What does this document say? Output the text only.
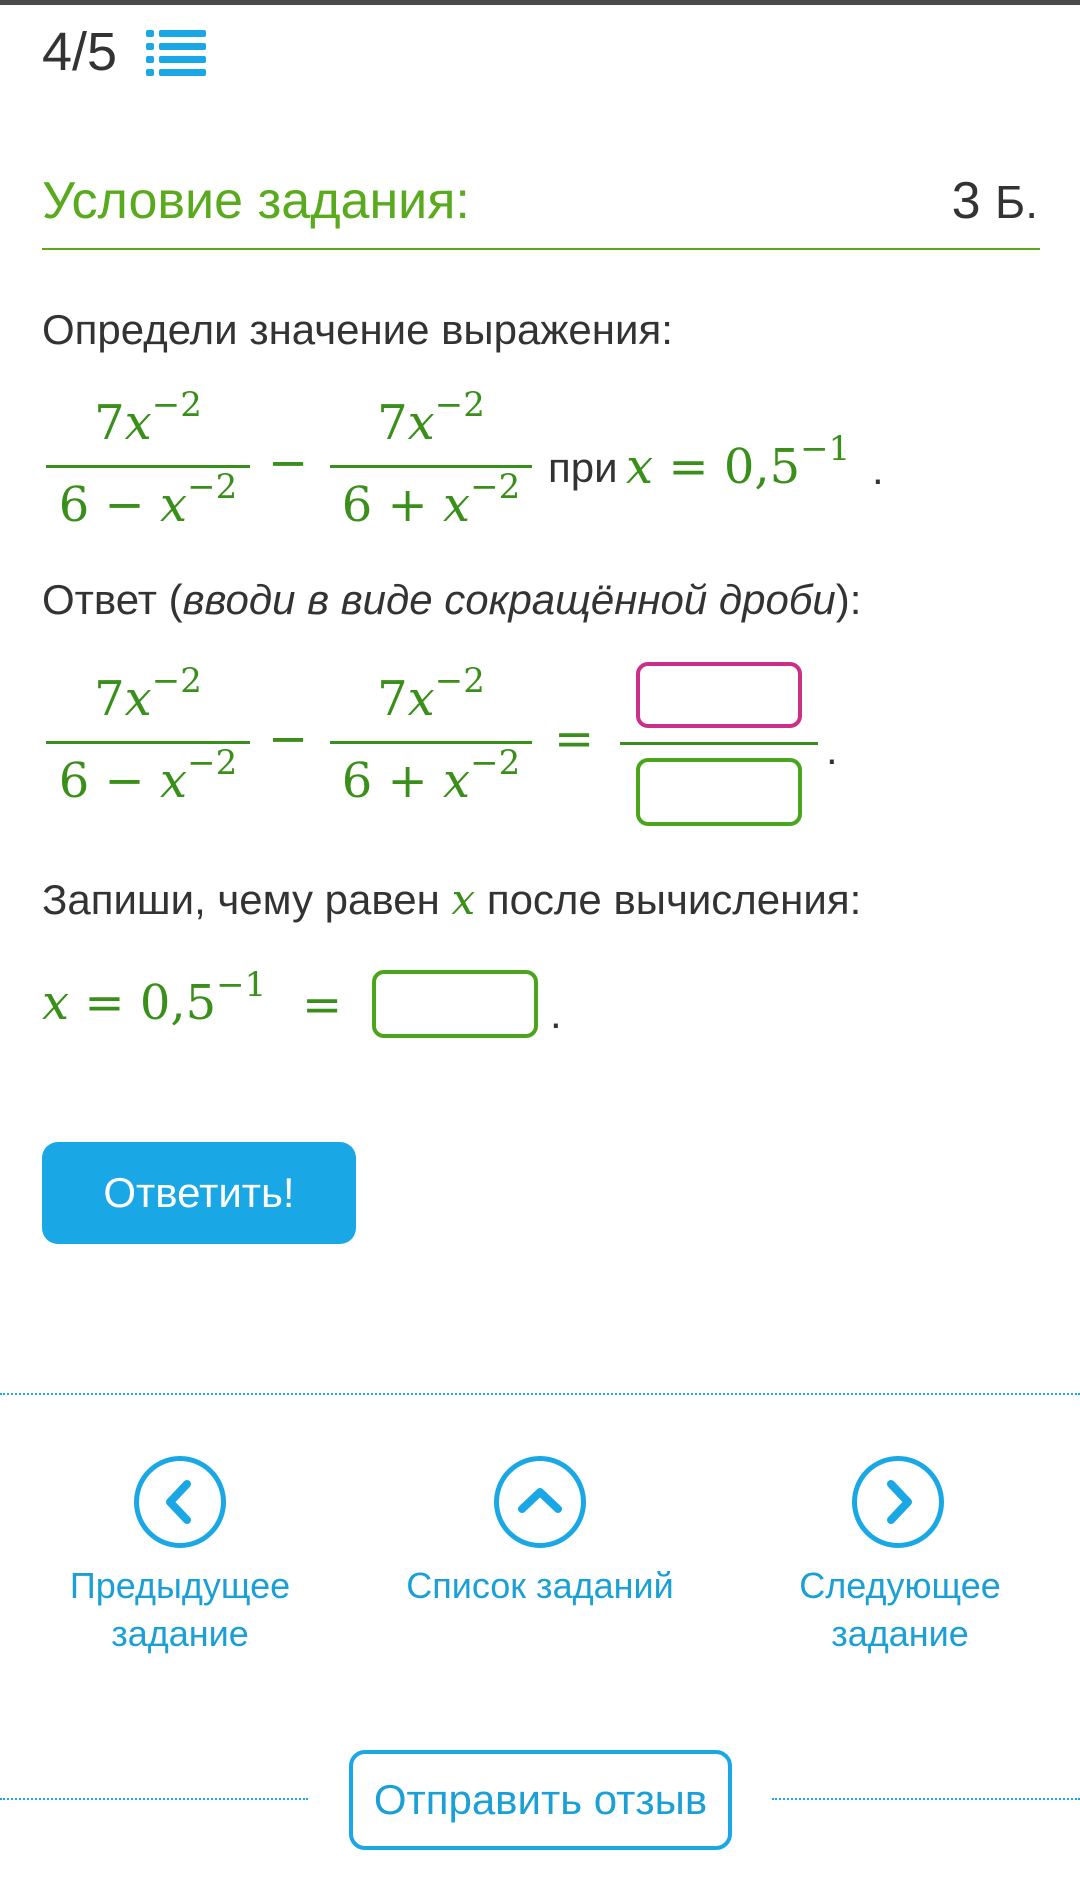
4/5
Условие задания:	3 Б.
Определи значение выражения:
$7x^{-2}$
$6 - x^{-2}$ −
$7x^{-2}$
$6 + x^{-2}$ при $x = 0,5^{-1}$ .
Ответ (вводи в виде сокращённой дроби):
$7x^{-2}$
$6 - x^{-2}$ −
$7x^{-2}$
$6 + x^{-2}$ =	.
Запиши, чему равен x после вычисления:
$x = 0,5^{-1}$ =	.
Ответить!
Предыдущее
задание
Список заданий	Следующее
задание
Отправить отзыв
